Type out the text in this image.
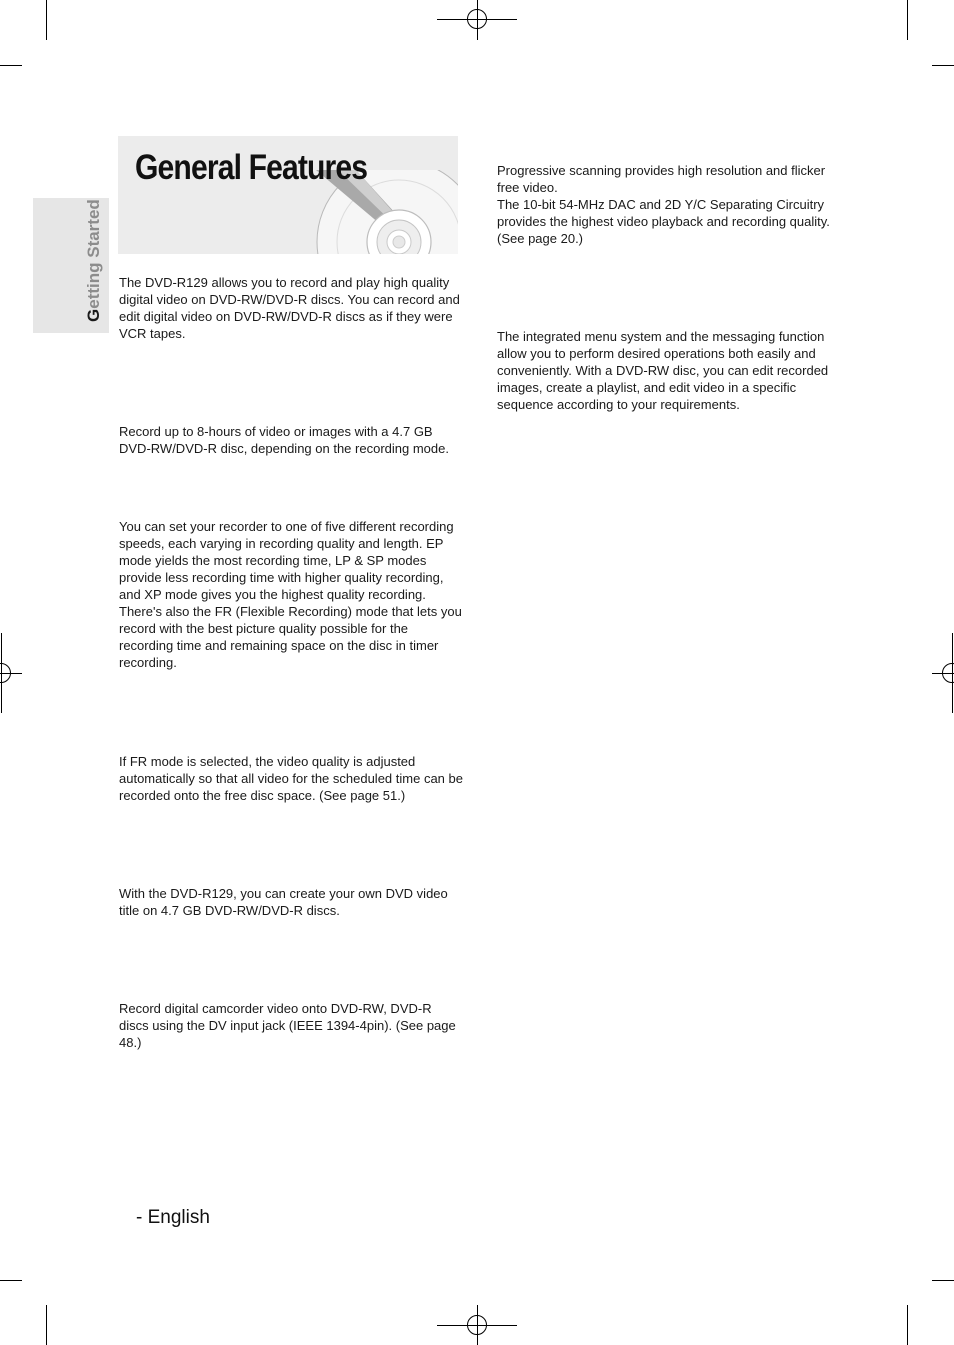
Getting Started
General Features

The DVD-R129 allows you to record and play high quality digital video on DVD-RW/DVD-R discs. You can record and edit digital video on DVD-RW/DVD-R discs as if they were VCR tapes.

Record up to 8-hours of video or images with a 4.7 GB DVD-RW/DVD-R disc, depending on the recording mode.

You can set your recorder to one of five different recording speeds, each varying in recording quality and length. EP mode yields the most recording time, LP & SP modes provide less recording time with higher quality recording, and XP mode gives you the highest quality recording. There's also the FR (Flexible Recording) mode that lets you record with the best picture quality possible for the recording time and remaining space on the disc in timer recording.

If FR mode is selected, the video quality is adjusted automatically so that all video for the scheduled time can be recorded onto the free disc space. (See page 51.)

With the DVD-R129, you can create your own DVD video title on 4.7 GB DVD-RW/DVD-R discs.

Record digital camcorder video onto DVD-RW, DVD-R discs using the DV input jack (IEEE 1394-4pin). (See page 48.)

Progressive scanning provides high resolution and flicker free video.

The 10-bit 54-MHz DAC and 2D Y/C Separating Circuitry provides the highest video playback and recording quality. (See page 20.)

The integrated menu system and the messaging function allow you to perform desired operations both easily and conveniently. With a DVD-RW disc, you can edit recorded images, create a playlist, and edit video in a specific sequence according to your requirements.

- English
